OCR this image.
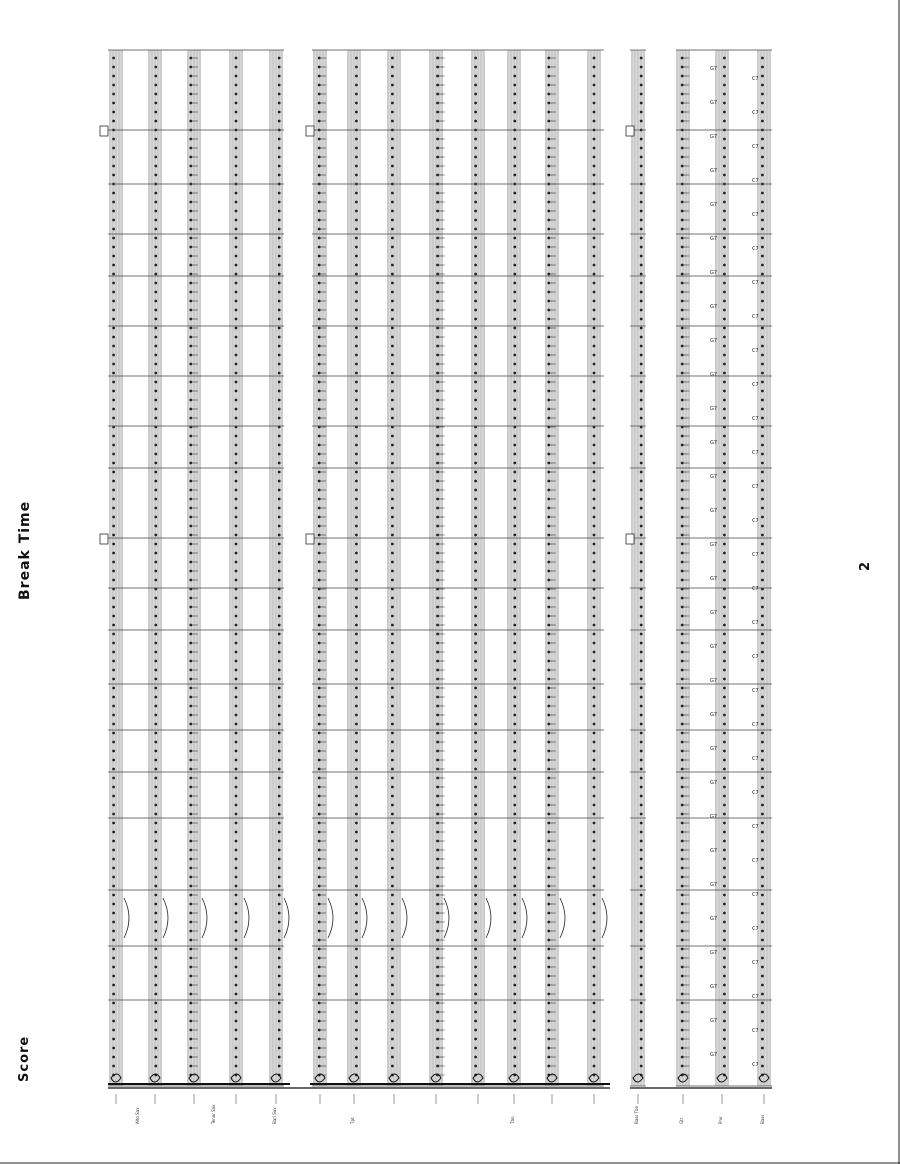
Score
Break Time	2
G7
C7
G7
C7
G7
C7
G7
C7
G7
C7
G7
C7
G7
C7
G7
C7
G7
C7
G7
C7
G7
C7
G7
C7
G7
C7
G7
C7
G7
C7
G7
C7
G7
C7
G7
C7
G7
C7
G7
C7
G7
C7
G7
C7
G7
C7
G7
C7
G7
C7
G7
C7
G7
C7
G7
C7
G7
C7
G7
C7
Alto Sax	Tenor Sax	Bari Sax	Tpt	Tbn	Bass Tbn	Gtr	Pno	Bass
